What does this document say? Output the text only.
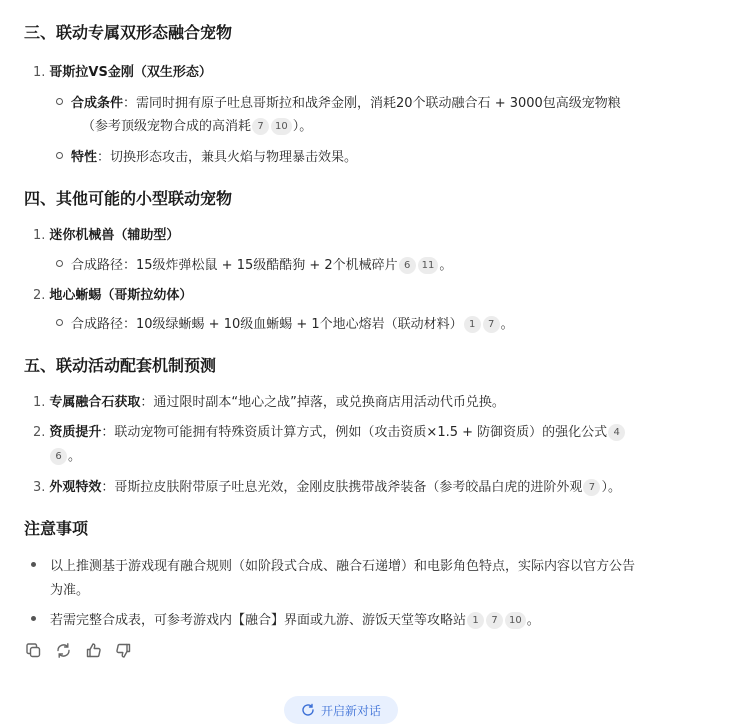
三、联动专属双形态融合宠物
1. 哥斯拉VS金刚（双生形态）
合成条件：需同时拥有原子吐息哥斯拉和战斧金刚，消耗20个联动融合石 + 3000包高级宠物粮
（参考顶级宠物合成的高消耗 7 10 ）。
特性：切换形态攻击，兼具火焰与物理暴击效果。
四、其他可能的小型联动宠物
1. 迷你机械兽（辅助型）
合成路径：15级炸弹松鼠 + 15级酷酷狗 + 2个机械碎片 6 11 。
2. 地心蜥蜴（哥斯拉幼体）
合成路径：10级绿蜥蜴 + 10级血蜥蜴 + 1个地心熔岩（联动材料） 1 7 。
五、联动活动配套机制预测
1. 专属融合石获取：通过限时副本“地心之战”掉落，或兑换商店用活动代币兑换。
2. 资质提升：联动宠物可能拥有特殊资质计算方式，例如（攻击资质×1.5 + 防御资质）的强化公式 4
6 。
3. 外观特效：哥斯拉皮肤附带原子吐息光效，金刚皮肤携带战斧装备（参考皎晶白虎的进阶外观 7 ）。
注意事项
以上推测基于游戏现有融合规则（如阶段式合成、融合石递增）和电影角色特点，实际内容以官方公告
为准。
若需完整合成表，可参考游戏内【融合】界面或九游、游饭天堂等攻略站 1 7 10 。
开启新对话
